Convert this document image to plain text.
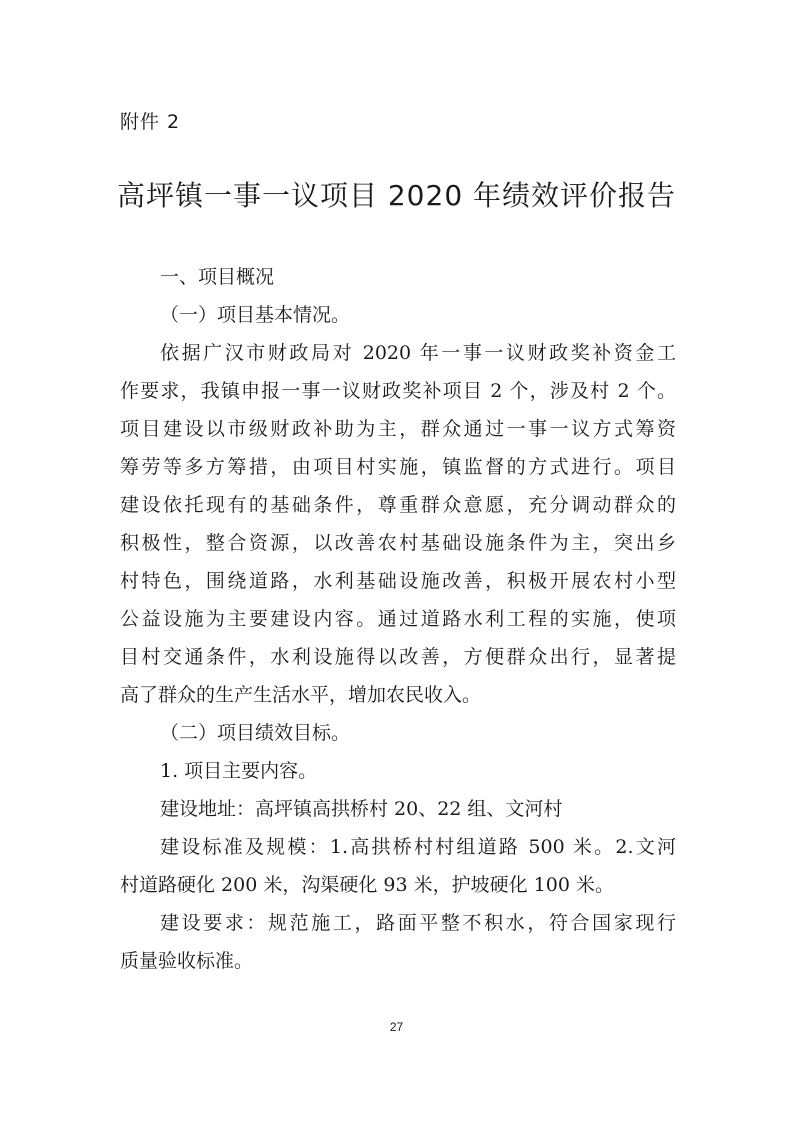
附件 2
高坪镇一事一议项目 2020 年绩效评价报告
一、项目概况
（一）项目基本情况。
依据广汉市财政局对 2020 年一事一议财政奖补资金工
作要求，我镇申报一事一议财政奖补项目 2 个，涉及村 2 个。
项目建设以市级财政补助为主，群众通过一事一议方式筹资
筹劳等多方筹措，由项目村实施，镇监督的方式进行。项目
建设依托现有的基础条件，尊重群众意愿，充分调动群众的
积极性，整合资源，以改善农村基础设施条件为主，突出乡
村特色，围绕道路，水利基础设施改善，积极开展农村小型
公益设施为主要建设内容。通过道路水利工程的实施，使项
目村交通条件，水利设施得以改善，方便群众出行，显著提
高了群众的生产生活水平，增加农民收入。
（二）项目绩效目标。
1. 项目主要内容。
建设地址：高坪镇高拱桥村 20、22 组、文河村
建设标准及规模：1.高拱桥村村组道路 500 米。2.文河
村道路硬化 200 米，沟渠硬化 93 米，护坡硬化 100 米。
建设要求：规范施工，路面平整不积水，符合国家现行
质量验收标准。
27
